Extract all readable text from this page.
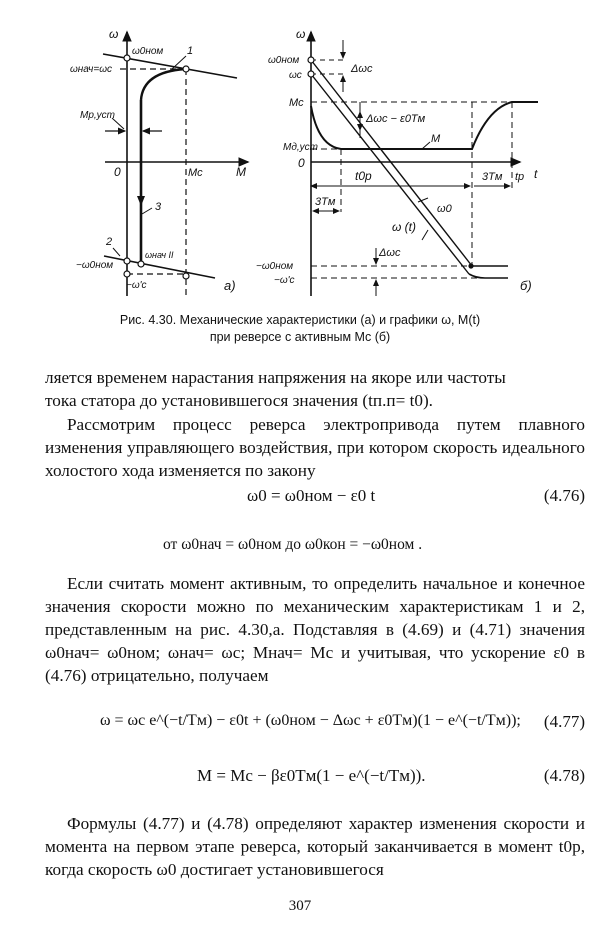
ω
ω0ном 1
ωнач=ωс
Mр,уст
0	Mс	M
3
2
ωнач II
−ω0ном
−ω'с	а)
ω
ω0ном
ωс
Δωс
Mс
Δωс − ε0Tм
M
Mд,уст
0
t0р	3Tм tр t
3Tм
ω0
ω (t)
Δωс
−ω0ном
−ω'с	б)
Рис. 4.30. Механические характеристики (а) и графики ω, M(t)
при реверсе с активным Mс (б)

ляется временем нарастания напряжения на якоре или частоты

тока статора до установившегося значения (tп.п= t0).

Рассмотрим процесс реверса электропривода путем плавного изменения управляющего воздействия, при котором скорость идеального холостого хода изменяется по закону

ω0 = ω0ном − ε0 t	(4.76)
от ω0нач = ω0ном до ω0кон = −ω0ном .

Если считать момент активным, то определить начальное и конечное значения скорости можно по механическим характеристикам 1 и 2, представленным на рис. 4.30,а. Подставляя в (4.69) и (4.71) значения ω0нач= ω0ном; ωнач= ωс; Mнач= Mс и учитывая, что ускорение ε0 в (4.76) отрицательно, получаем

ω = ωс e^(−t/Tм) − ε0t + (ω0ном − Δωс + ε0Tм)(1 − e^(−t/Tм)); (4.77)
M = Mс − βε0Tм(1 − e^(−t/Tм)).	(4.78)

Формулы (4.77) и (4.78) определяют характер изменения скорости и момента на первом этапе реверса, который заканчивается в момент t0р, когда скорость ω0 достигает установившегося

307
